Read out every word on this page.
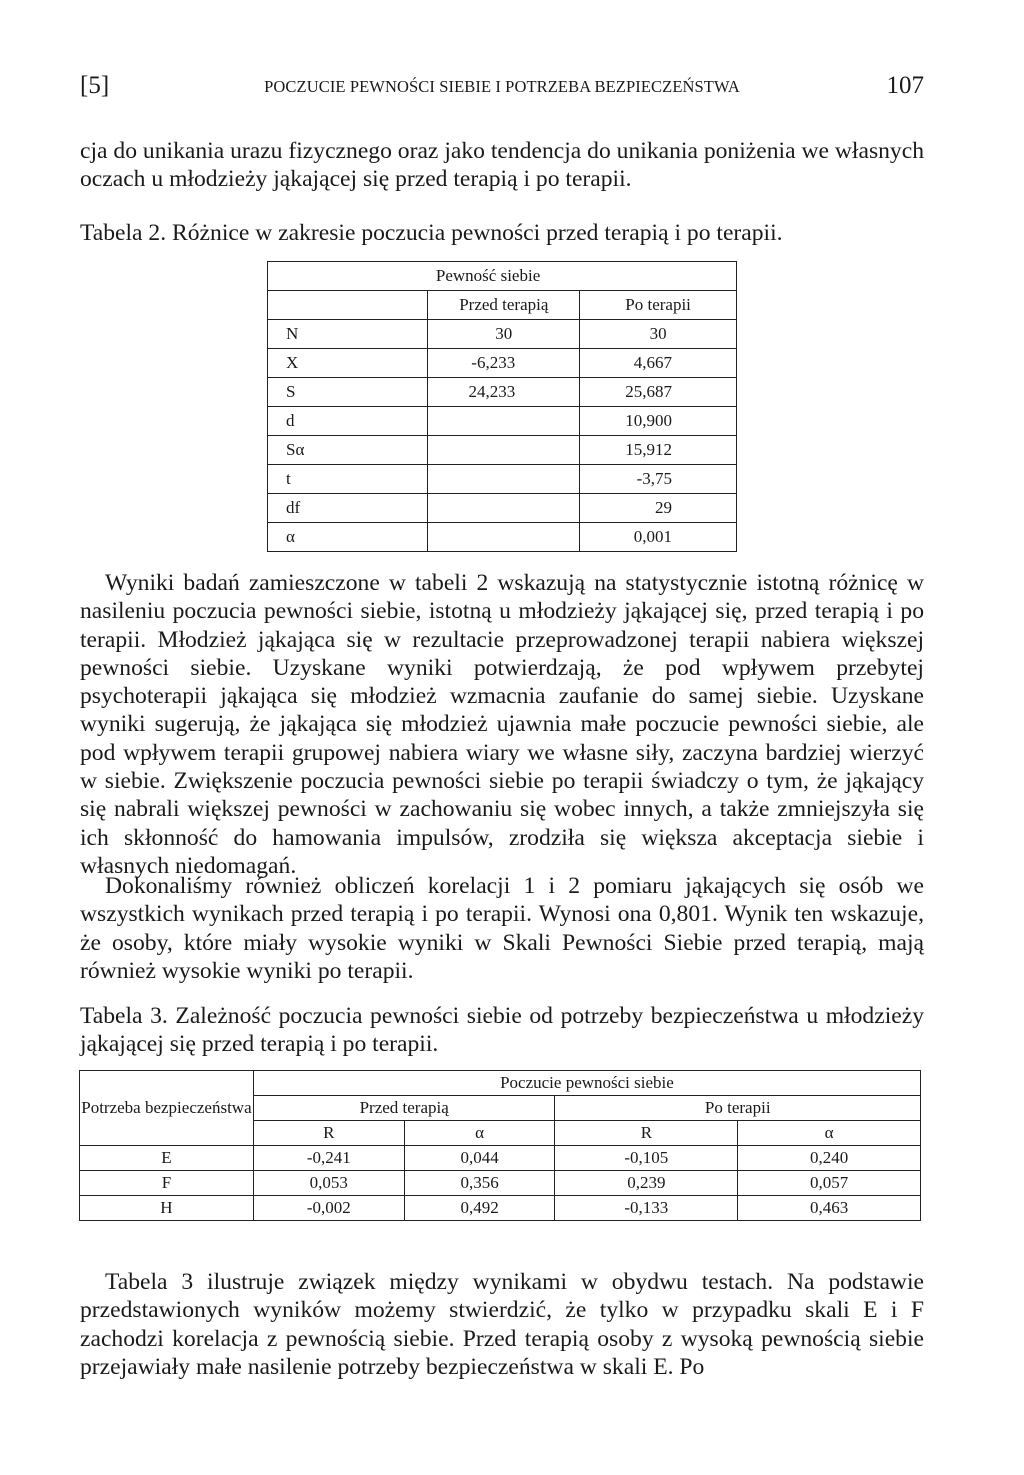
[5]	POCZUCIE PEWNOŚCI SIEBIE I POTRZEBA BEZPIECZEŃSTWA	107

cja do unikania urazu fizycznego oraz jako tendencja do unikania poniżenia we własnych oczach u młodzieży jąkającej się przed terapią i po terapii.

Tabela 2. Różnice w zakresie poczucia pewności przed terapią i po terapii.

	Pewność siebie	
	Przed terapią	Po terapii
N	30	30
X	-6,233	4,667
S	24,233	25,687
d		10,900
Sα		15,912
t		-3,75
df		29
α		0,001

Wyniki badań zamieszczone w tabeli 2 wskazują na statystycznie istotną różnicę w nasileniu poczucia pewności siebie, istotną u młodzieży jąkającej się, przed terapią i po terapii. Młodzież jąkająca się w rezultacie przeprowadzonej terapii nabiera większej pewności siebie. Uzyskane wyniki potwierdzają, że pod wpływem przebytej psychoterapii jąkająca się młodzież wzmacnia zaufanie do samej siebie. Uzyskane wyniki sugerują, że jąkająca się młodzież ujawnia małe poczucie pewności siebie, ale pod wpływem terapii grupowej nabiera wiary we własne siły, zaczyna bardziej wierzyć w siebie. Zwiększenie poczucia pewności siebie po terapii świadczy o tym, że jąkający się nabrali większej pewności w zachowaniu się wobec innych, a także zmniejszyła się ich skłonność do hamowania impulsów, zrodziła się większa akceptacja siebie i własnych niedomagań.

Dokonaliśmy również obliczeń korelacji 1 i 2 pomiaru jąkających się osób we wszystkich wynikach przed terapią i po terapii. Wynosi ona 0,801. Wynik ten wskazuje, że osoby, które miały wysokie wyniki w Skali Pewności Siebie przed terapią, mają również wysokie wyniki po terapii.

Tabela 3. Zależność poczucia pewności siebie od potrzeby bezpieczeństwa u młodzieży jąkającej się przed terapią i po terapii.

Potrzeba bezpieczeństwa	Poczucie pewności siebie			
	Przed terapią		Po terapii	
	R	α	R	α
E	-0,241	0,044	-0,105	0,240
F	0,053	0,356	0,239	0,057
H	-0,002	0,492	-0,133	0,463

Tabela 3 ilustruje związek między wynikami w obydwu testach. Na podstawie przedstawionych wyników możemy stwierdzić, że tylko w przypadku skali E i F zachodzi korelacja z pewnością siebie. Przed terapią osoby z wysoką pewnością siebie przejawiały małe nasilenie potrzeby bezpieczeństwa w skali E. Po
